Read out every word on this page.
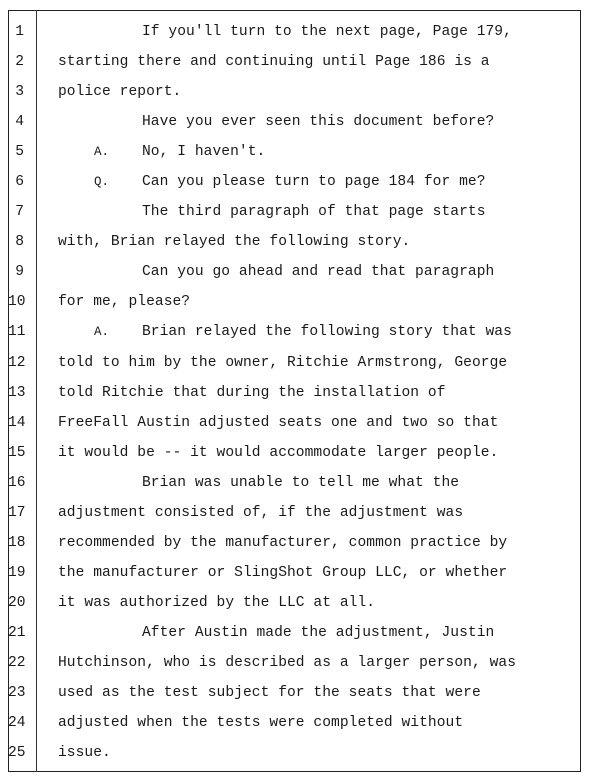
1	If you'll turn to the next page, Page 179,
2 starting there and continuing until Page 186 is a
3 police report.
4	Have you ever seen this document before?
5	A. No, I haven't.
6	Q. Can you please turn to page 184 for me?
7	The third paragraph of that page starts
8 with, Brian relayed the following story.
9	Can you go ahead and read that paragraph
10 for me, please?
11	A. Brian relayed the following story that was
12 told to him by the owner, Ritchie Armstrong, George
13 told Ritchie that during the installation of
14 FreeFall Austin adjusted seats one and two so that
15 it would be -- it would accommodate larger people.
16	Brian was unable to tell me what the
17 adjustment consisted of, if the adjustment was
18 recommended by the manufacturer, common practice by
19 the manufacturer or SlingShot Group LLC, or whether
20 it was authorized by the LLC at all.
21	After Austin made the adjustment, Justin
22 Hutchinson, who is described as a larger person, was
23 used as the test subject for the seats that were
24 adjusted when the tests were completed without
25 issue.
